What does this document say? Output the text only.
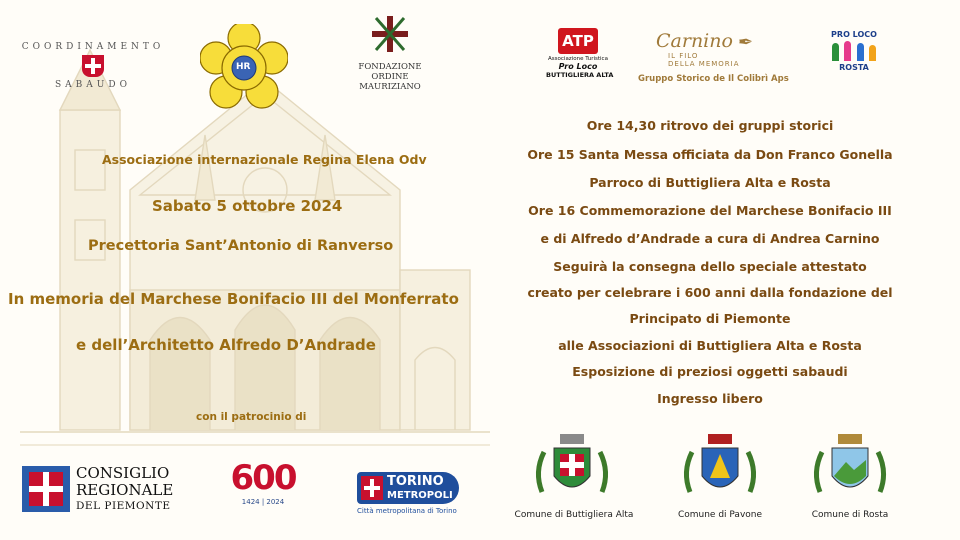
COORDINAMENTO
SABAUDO
HR	FONDAZIONE
ORDINE
MAURIZIANO
Associazione internazionale Regina Elena Odv
Sabato 5 ottobre 2024
Precettoria Sant’Antonio di Ranverso
In memoria del Marchese Bonifacio III del Monferrato
e dell’Architetto Alfredo D’Andrade
con il patrocinio di
CONSIGLIO
REGIONALE
DEL PIEMONTE
600
1424 | 2024
TORINO
METROPOLI
Città metropolitana di Torino
ATP
Associazione Turistica
Pro Loco
BUTTIGLIERA ALTA
Carnino
IL FILO
DELLA MEMORIA
✒
Gruppo Storico de Il Colibrì Aps
PRO LOCO

ROSTA
Ore 14,30 ritrovo dei gruppi storici
Ore 15 Santa Messa officiata da Don Franco Gonella
Parroco di Buttigliera Alta e Rosta
Ore 16 Commemorazione del Marchese Bonifacio III
e di Alfredo d’Andrade a cura di Andrea Carnino
Seguirà la consegna dello speciale attestato
creato per celebrare i 600 anni dalla fondazione del
Principato di Piemonte
alle Associazioni di Buttigliera Alta e Rosta
Esposizione di preziosi oggetti sabaudi
Ingresso libero
Comune di Buttigliera Alta	Comune di Pavone	Comune di Rosta
